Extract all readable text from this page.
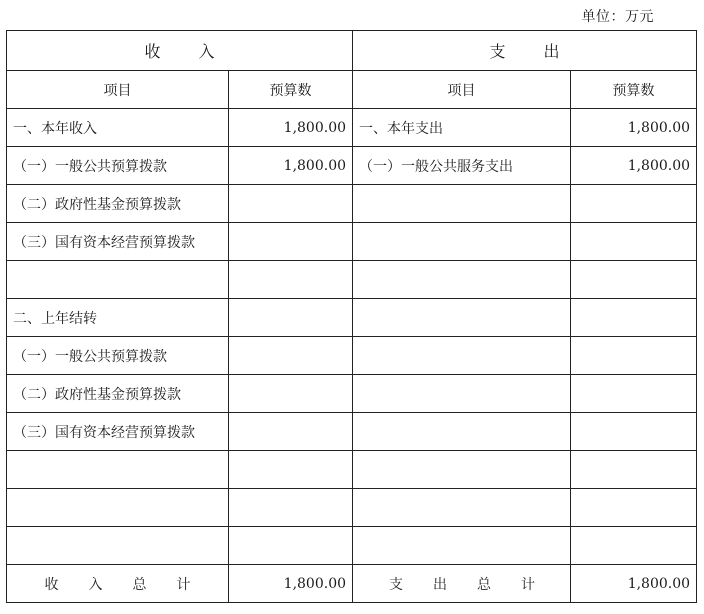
单位：万元
收入		支出	
项目	预算数	项目	预算数
一、本年收入	1,800.00	一、本年支出	1,800.00
（一）一般公共预算拨款	1,800.00	（一）一般公共服务支出	1,800.00
（二）政府性基金预算拨款			
（三）国有资本经营预算拨款			

二、上年结转			
（一）一般公共预算拨款			
（二）政府性基金预算拨款			
（三）国有资本经营预算拨款			

收入总计	1,800.00	支出总计	1,800.00
